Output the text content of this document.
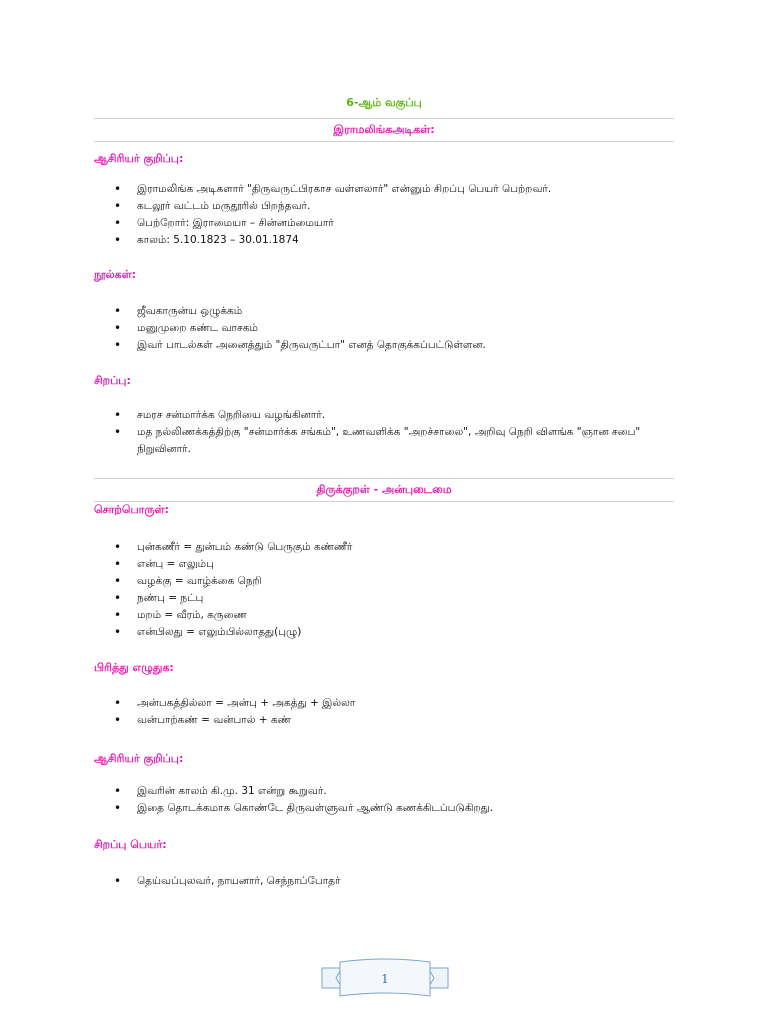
6-ஆம் வகுப்பு
இராமலிங்கஅடிகள்:
ஆசிரியர் குறிப்பு:
• இராமலிங்க அடிகளார் "திருவருட்பிரகாச வள்ளலார்" என்னும் சிறப்பு பெயர் பெற்றவர்.
• கடலூர் வட்டம் மருதூரில் பிறந்தவர்.
• பெற்றோர்: இராமையா – சின்னம்மையார்
• காலம்: 5.10.1823 – 30.01.1874
நூல்கள்:
• ஜீவகாருன்ய ஒழுக்கம்
• மனுமுறை கண்ட வாசகம்
• இவர் பாடல்கள் அனைத்தும் "திருவருட்பா" எனத் தொகுக்கப்பட்டுள்ளன.
சிறப்பு:
• சமரச சன்மார்க்க நெறியை வழங்கினார்.
• மத நல்லிணக்கத்திற்கு "சன்மார்க்க சங்கம்", உணவளிக்க "அறச்சாலை", அறிவு நெறி விளங்க "ஞான சபை" நிறுவினார்.
திருக்குறள் - அன்புடைமை
சொற்பொருள்:
• புன்கணீர் = துன்பம் கண்டு பெருகும் கண்ணீர்
• என்பு = எலும்பு
• வழக்கு = வாழ்க்கை நெறி
• நண்பு = நட்பு
• மறம் = வீரம், கருணை
• என்பிலது = எலும்பில்லாதது(புழு)
பிரித்து எழுதுக:
• அன்பகத்தில்லா = அன்பு + அகத்து + இல்லா
• வன்பாற்கண் = வன்பால் + கண்
ஆசிரியர் குறிப்பு:
• இவரின் காலம் கி.மு. 31 என்று கூறுவர்.
• இதை தொடக்கமாக கொண்டே திருவள்ளுவர் ஆண்டு கணக்கிடப்படுகிறது.
சிறப்பு பெயர்:
• தெய்வப்புலவர், நாயனார், செந்நாப்போதர்
1
